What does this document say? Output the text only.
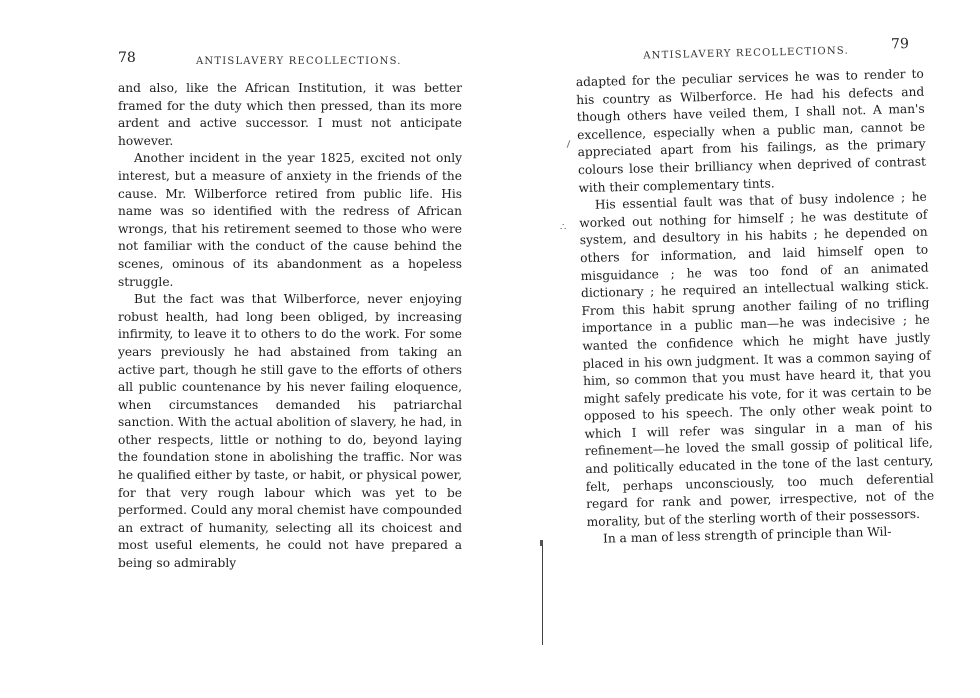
78	ANTISLAVERY RECOLLECTIONS.

and also, like the African Institution, it was better framed for the duty which then pressed, than its more ardent and active successor. I must not anticipate however.

Another incident in the year 1825, excited not only interest, but a measure of anxiety in the friends of the cause. Mr. Wilberforce retired from public life. His name was so identified with the redress of African wrongs, that his retirement seemed to those who were not familiar with the conduct of the cause behind the scenes, ominous of its abandonment as a hopeless struggle.

But the fact was that Wilberforce, never enjoying robust health, had long been obliged, by increasing infirmity, to leave it to others to do the work. For some years previously he had abstained from taking an active part, though he still gave to the efforts of others all public countenance by his never failing eloquence, when circumstances demanded his patriarchal sanction. With the actual abolition of slavery, he had, in other respects, little or nothing to do, beyond laying the foundation stone in abolishing the traffic. Nor was he qualified either by taste, or habit, or physical power, for that very rough labour which was yet to be performed. Could any moral chemist have compounded an extract of humanity, selecting all its choicest and most useful elements, he could not have prepared a being so admirably

∴
ANTISLAVERY RECOLLECTIONS.
79

adapted for the peculiar services he was to render to his country as Wilberforce. He had his defects and though others have veiled them, I shall not. A man's excellence, especially when a public man, cannot be appreciated apart from his failings, as the primary colours lose their brilliancy when deprived of contrast with their complementary tints.

His essential fault was that of busy indolence ; he worked out nothing for himself ; he was destitute of system, and desultory in his habits ; he depended on others for information, and laid himself open to misguidance ; he was too fond of an animated dictionary ; he required an intellectual walking stick. From this habit sprung another failing of no trifling importance in a public man—he was indecisive ; he wanted the confidence which he might have justly placed in his own judgment. It was a common saying of him, so common that you must have heard it, that you might safely predicate his vote, for it was certain to be opposed to his speech. The only other weak point to which I will refer was singular in a man of his refinement—he loved the small gossip of political life, and politically educated in the tone of the last century, felt, perhaps unconsciously, too much deferential regard for rank and power, irrespective, not of the morality, but of the sterling worth of their possessors.

In a man of less strength of principle than Wil-
